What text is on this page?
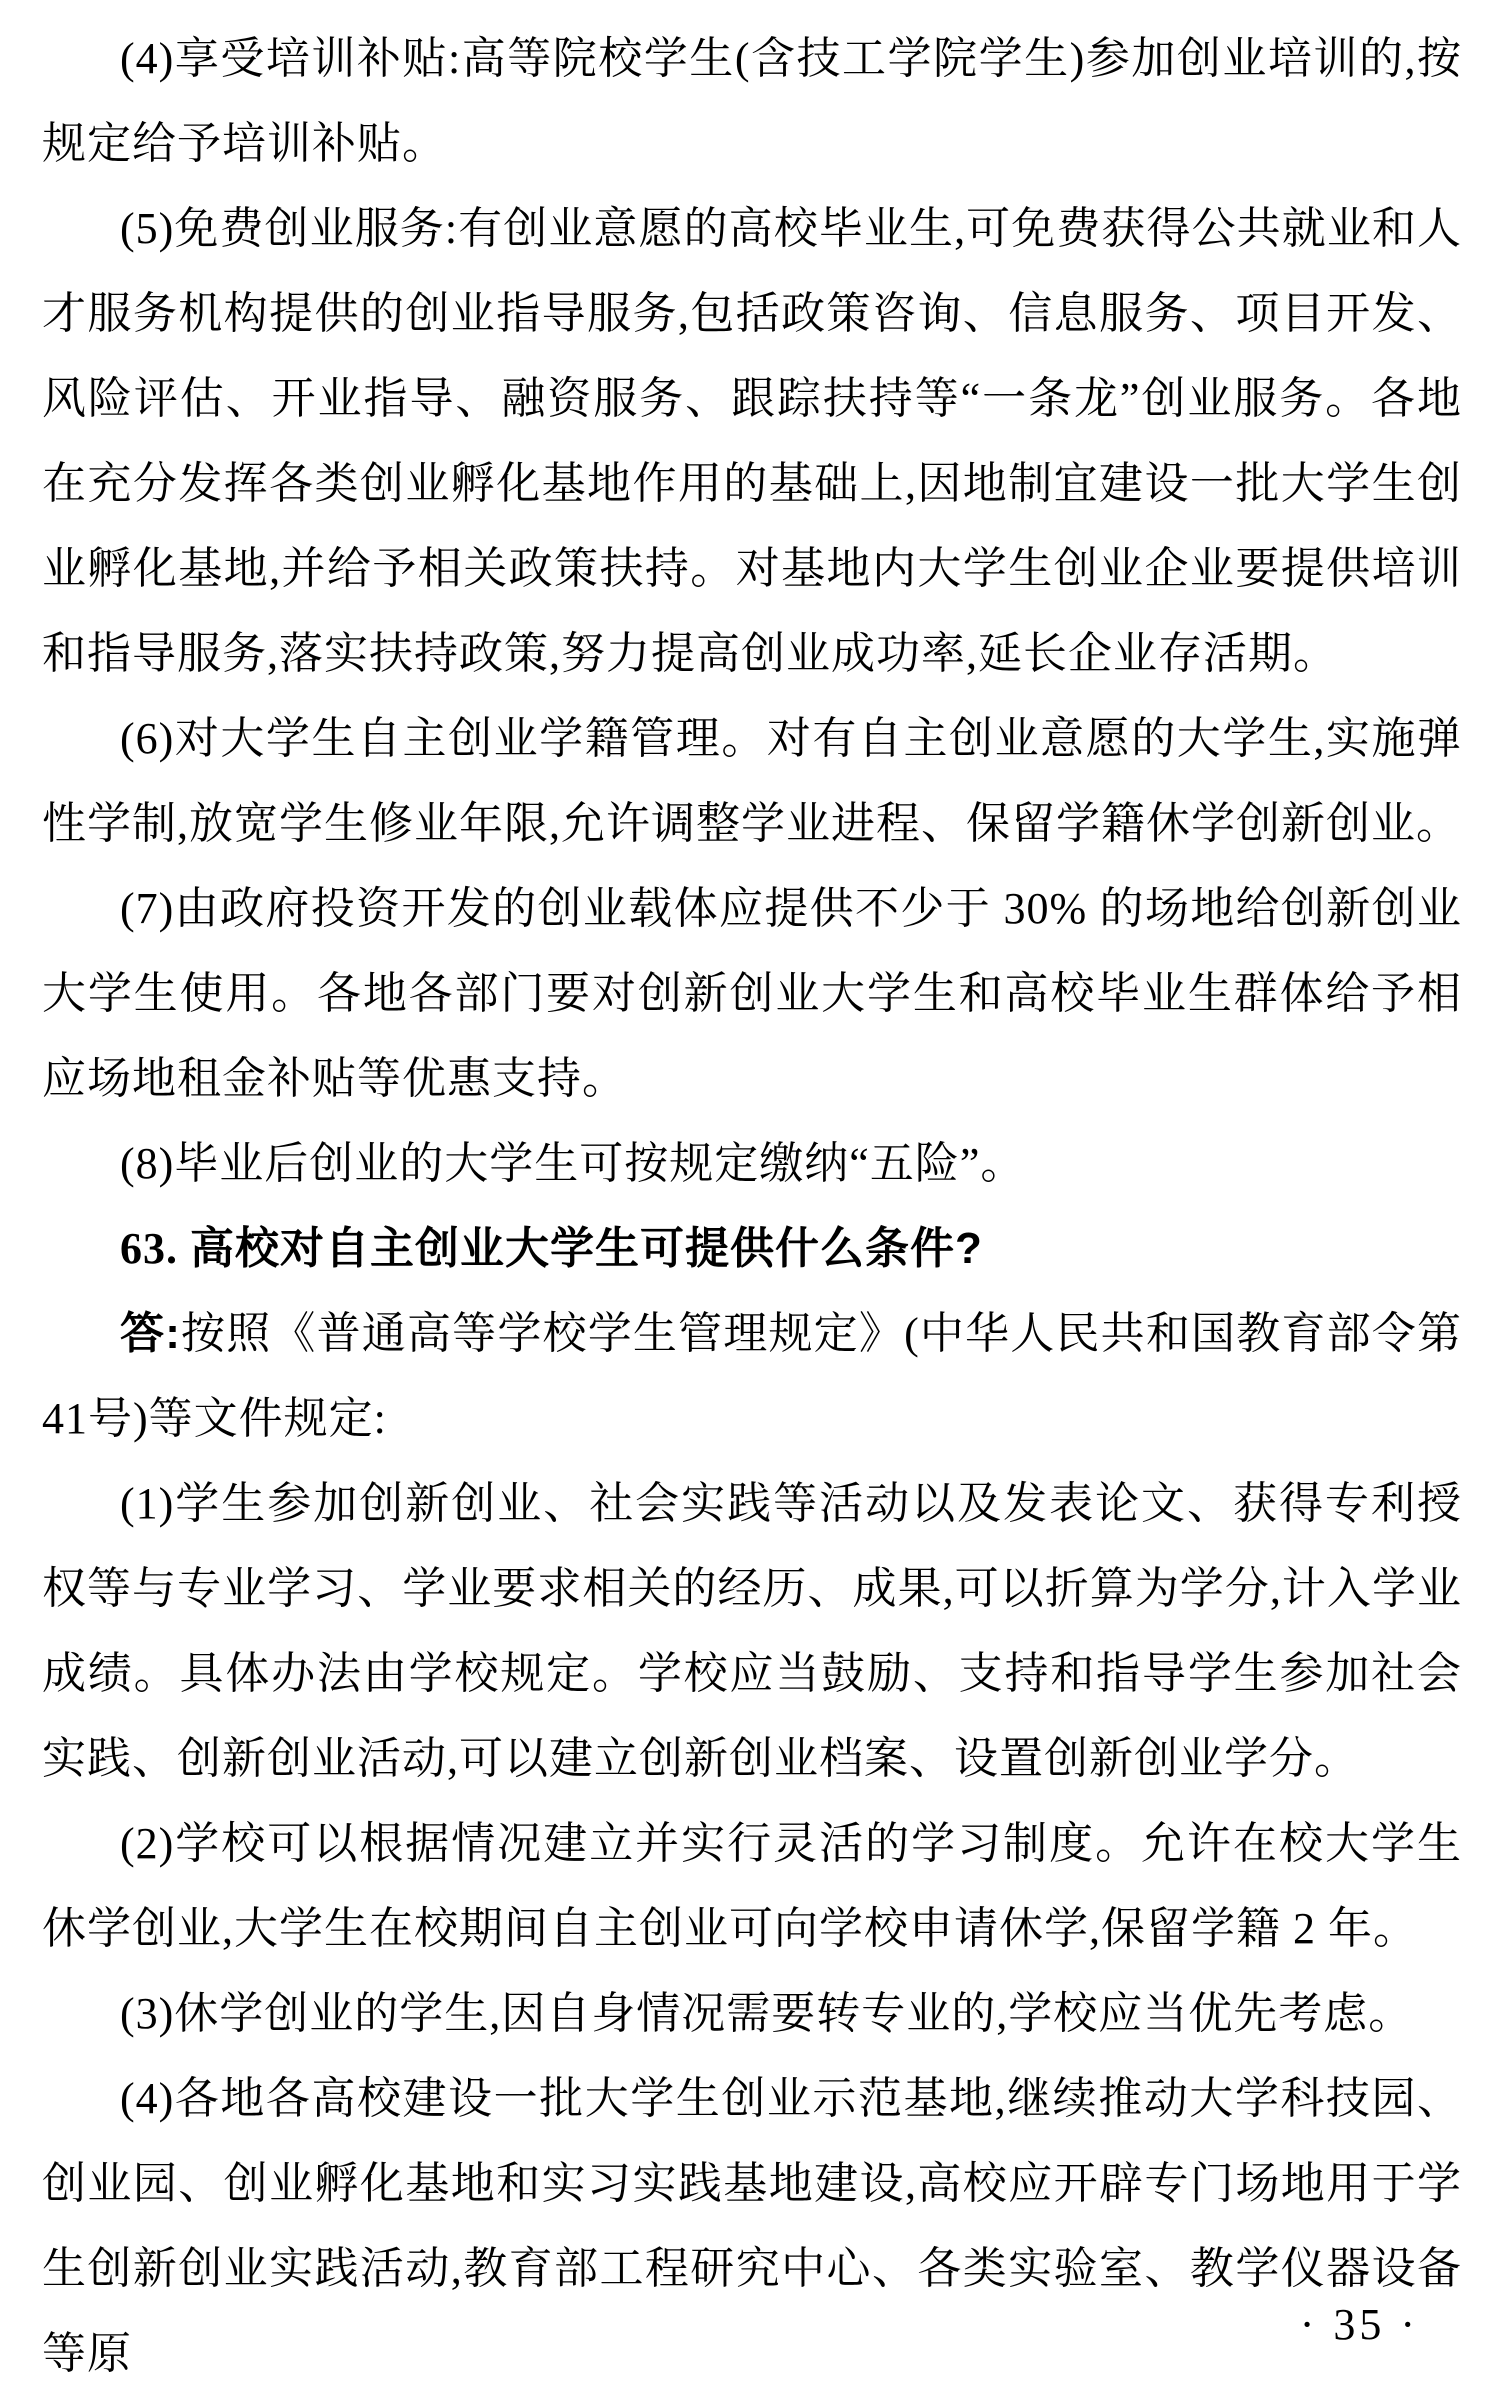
(4)享受培训补贴:高等院校学生(含技工学院学生)参加创业培训的,按规定给予培训补贴。

(5)免费创业服务:有创业意愿的高校毕业生,可免费获得公共就业和人才服务机构提供的创业指导服务,包括政策咨询、信息服务、项目开发、风险评估、开业指导、融资服务、跟踪扶持等“一条龙”创业服务。各地在充分发挥各类创业孵化基地作用的基础上,因地制宜建设一批大学生创业孵化基地,并给予相关政策扶持。对基地内大学生创业企业要提供培训和指导服务,落实扶持政策,努力提高创业成功率,延长企业存活期。

(6)对大学生自主创业学籍管理。对有自主创业意愿的大学生,实施弹性学制,放宽学生修业年限,允许调整学业进程、保留学籍休学创新创业。

(7)由政府投资开发的创业载体应提供不少于 30% 的场地给创新创业大学生使用。各地各部门要对创新创业大学生和高校毕业生群体给予相应场地租金补贴等优惠支持。

(8)毕业后创业的大学生可按规定缴纳“五险”。

63. 高校对自主创业大学生可提供什么条件?

答:按照《普通高等学校学生管理规定》(中华人民共和国教育部令第41号)等文件规定:

(1)学生参加创新创业、社会实践等活动以及发表论文、获得专利授权等与专业学习、学业要求相关的经历、成果,可以折算为学分,计入学业成绩。具体办法由学校规定。学校应当鼓励、支持和指导学生参加社会实践、创新创业活动,可以建立创新创业档案、设置创新创业学分。

(2)学校可以根据情况建立并实行灵活的学习制度。允许在校大学生休学创业,大学生在校期间自主创业可向学校申请休学,保留学籍 2 年。

(3)休学创业的学生,因自身情况需要转专业的,学校应当优先考虑。

(4)各地各高校建设一批大学生创业示范基地,继续推动大学科技园、创业园、创业孵化基地和实习实践基地建设,高校应开辟专门场地用于学生创新创业实践活动,教育部工程研究中心、各类实验室、教学仪器设备等原

· 35 ·
